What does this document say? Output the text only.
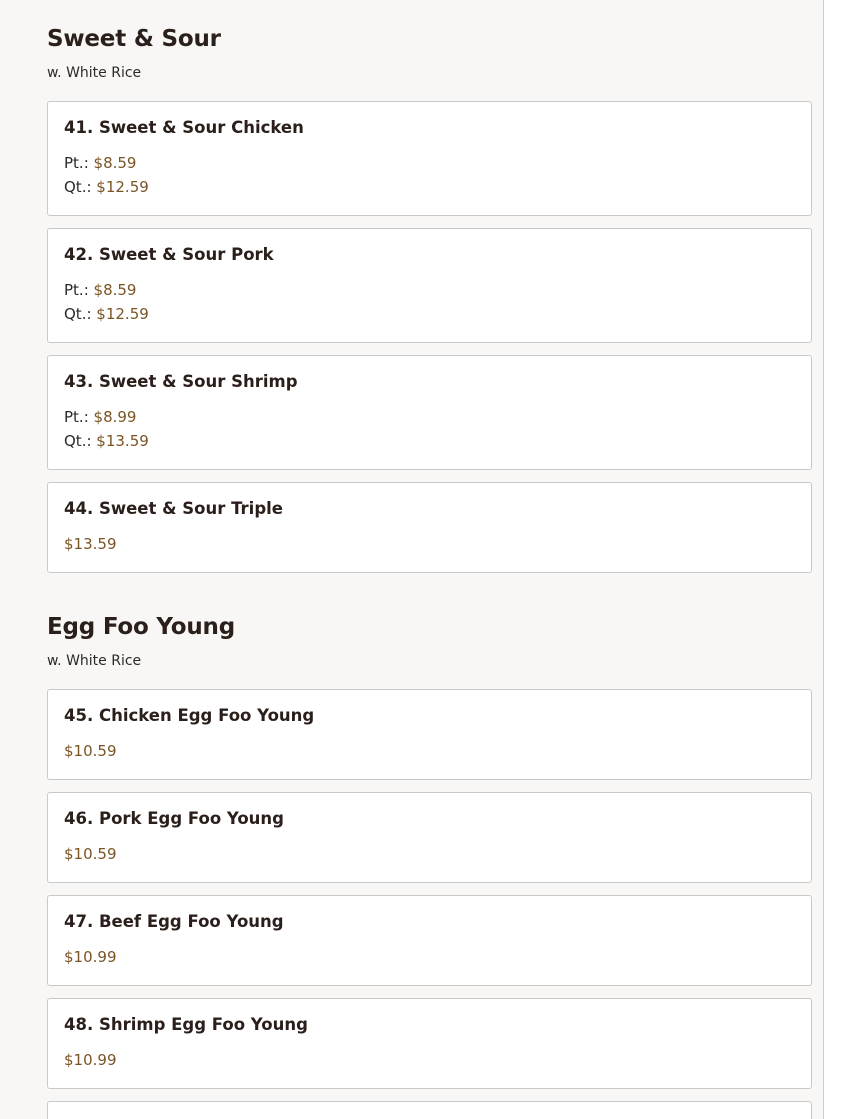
Sweet & Sour
w. White Rice
41. Sweet & Sour Chicken
Pt.: $8.59
Qt.: $12.59
42. Sweet & Sour Pork
Pt.: $8.59
Qt.: $12.59
43. Sweet & Sour Shrimp
Pt.: $8.99
Qt.: $13.59
44. Sweet & Sour Triple
$13.59
Egg Foo Young
w. White Rice
45. Chicken Egg Foo Young
$10.59
46. Pork Egg Foo Young
$10.59
47. Beef Egg Foo Young
$10.99
48. Shrimp Egg Foo Young
$10.99
